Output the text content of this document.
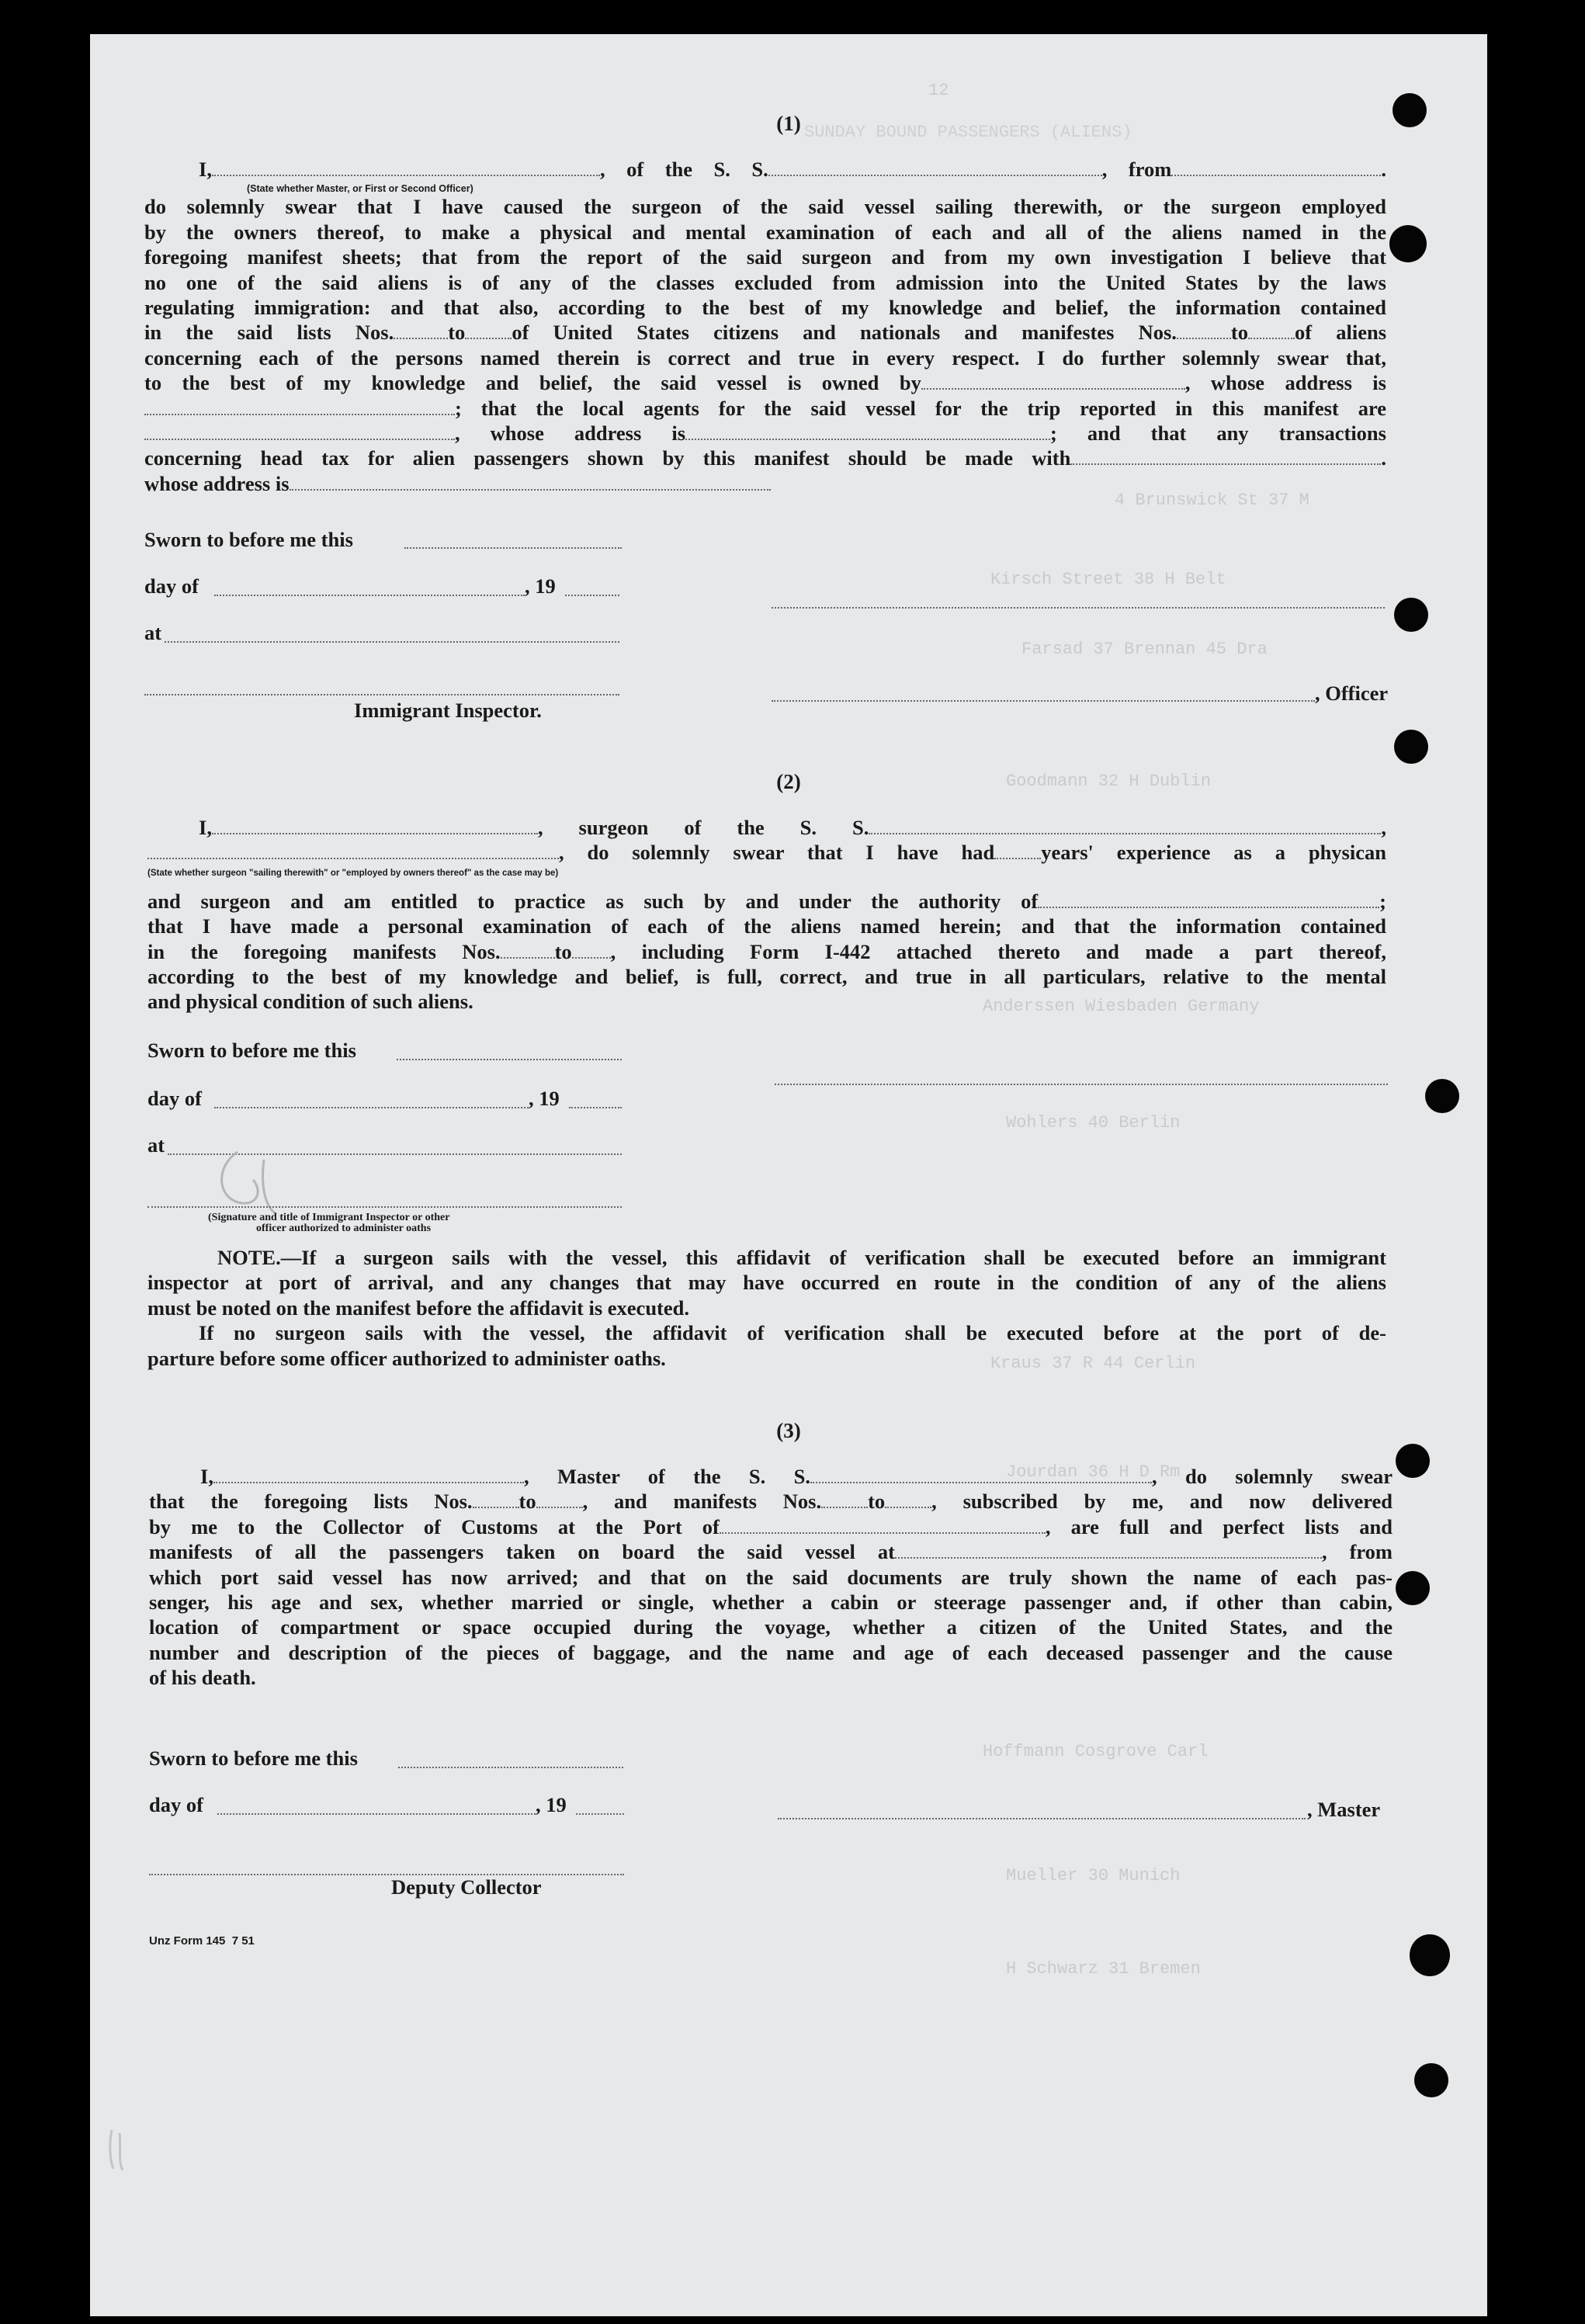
SUNDAY BOUND PASSENGERS (ALIENS)
12
4 Brunswick St 37 M
Kirsch Street 38 H Belt
Farsad 37 Brennan 45 Dra
Goodmann 32 H Dublin
Anderssen Wiesbaden Germany
Wohlers 40 Berlin
Kraus 37 R 44 Cerlin
Jourdan 36 H D Rm
Hoffmann Cosgrove Carl
Mueller 30 Munich
H Schwarz 31 Bremen
(1)
I,	, of the S. S.	, from	.
do solemnly swear that I have caused the surgeon of the said vessel sailing therewith, or the surgeon employed
by the owners thereof, to make a physical and mental examination of each and all of the aliens named in the
foregoing manifest sheets; that from the report of the said surgeon and from my own investigation I believe that
no one of the said aliens is of any of the classes excluded from admission into the United States by the laws
regulating immigration: and that also, according to the best of my knowledge and belief, the information contained
in the said lists Nos.	to of United States citizens and nationals and manifestes Nos.	to of aliens
concerning each of the persons named therein is correct and true in every respect. I do further solemnly swear that,
to the best of my knowledge and belief, the said vessel is owned by	, whose address is
; that the local agents for the said vessel for the trip reported in this manifest are
, whose address is	; and that any transactions
concerning head tax for alien passengers shown by this manifest should be made with	.
whose address is
(State whether Master, or First or Second Officer)
Sworn to before me this
day of	, 19
at
, Officer
Immigrant Inspector.
(2)
I,	, surgeon of the S. S.	,
, do solemnly swear that I have had years' experience as a physican
and surgeon and am entitled to practice as such by and under the authority of	;
that I have made a personal examination of each of the aliens named herein; and that the information contained
in the foregoing manifests Nos.	to , including Form I-442 attached thereto and made a part thereof,
according to the best of my knowledge and belief, is full, correct, and true in all particulars, relative to the mental
and physical condition of such aliens.
(State whether surgeon "sailing therewith" or "employed by owners thereof" as the case may be)
Sworn to before me this
day of	, 19
at
(Signature and title of Immigrant Inspector or other
officer authorized to administer oaths
NOTE.—If a surgeon sails with the vessel, this affidavit of verification shall be executed before an immigrant
inspector at port of arrival, and any changes that may have occurred en route in the condition of any of the aliens
must be noted on the manifest before the affidavit is executed.
If no surgeon sails with the vessel, the affidavit of verification shall be executed before at the port of de-
parture before some officer authorized to administer oaths.
(3)
I,	, Master of the S. S.	, do solemnly swear
that the foregoing lists Nos. to , and manifests Nos. to , subscribed by me, and now delivered
by me to the Collector of Customs at the Port of	, are full and perfect lists and
manifests of all the passengers taken on board the said vessel at	, from
which port said vessel has now arrived; and that on the said documents are truly shown the name of each pas-
senger, his age and sex, whether married or single, whether a cabin or steerage passenger and, if other than cabin,
location of compartment or space occupied during the voyage, whether a citizen of the United States, and the
number and description of the pieces of baggage, and the name and age of each deceased passenger and the cause
of his death.
Sworn to before me this
day of	, 19	, Master
Deputy Collector
Unz Form 145  7 51
